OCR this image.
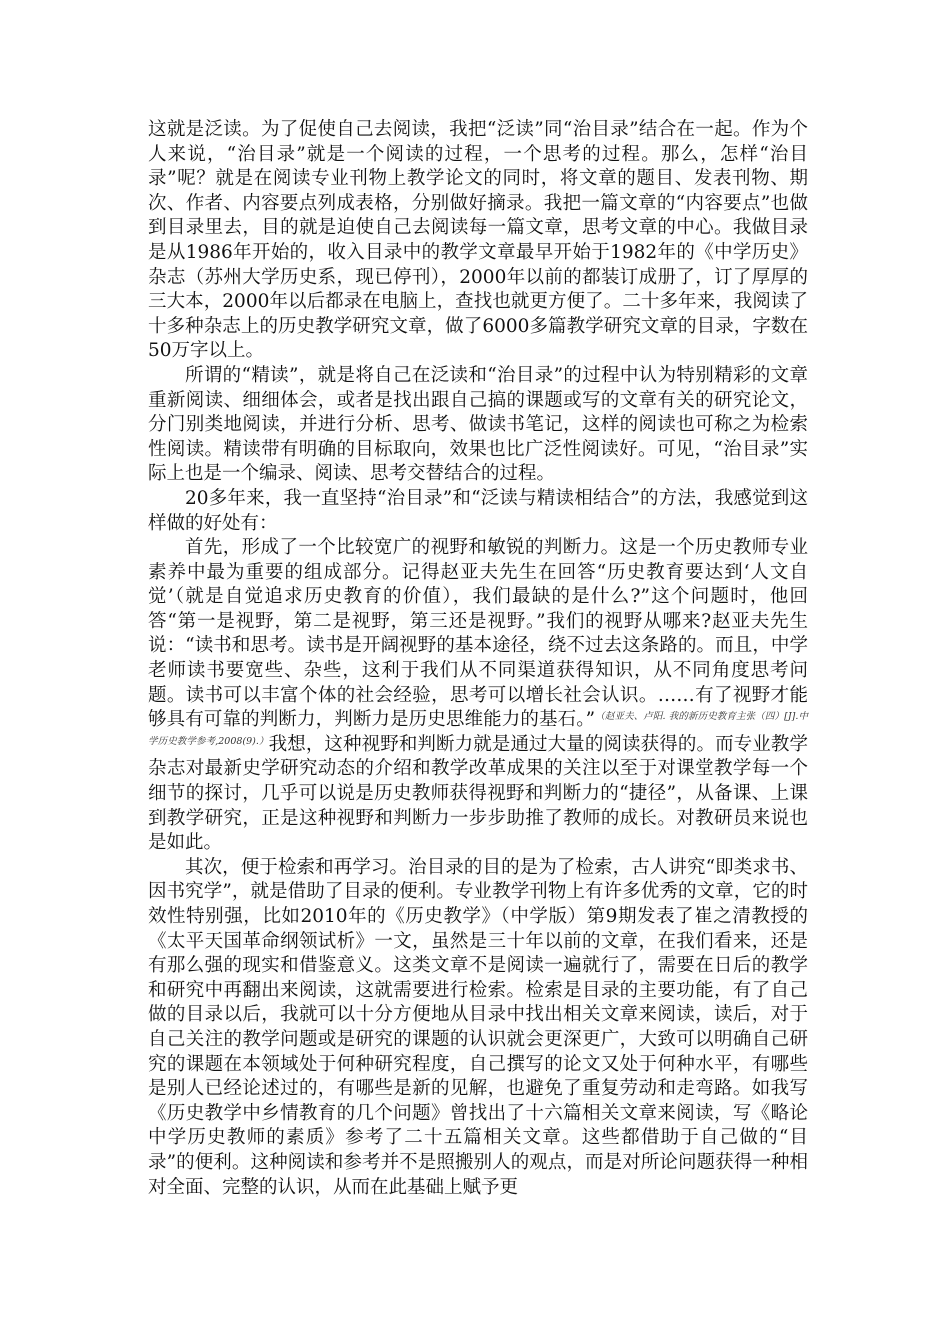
这就是泛读。为了促使自己去阅读，我把“泛读”同“治目录”结合在一起。作为个人来说，“治目录”就是一个阅读的过程，一个思考的过程。那么，怎样“治目录”呢？就是在阅读专业刊物上教学论文的同时，将文章的题目、发表刊物、期次、作者、内容要点列成表格，分别做好摘录。我把一篇文章的“内容要点”也做到目录里去，目的就是迫使自己去阅读每一篇文章，思考文章的中心。我做目录是从1986年开始的，收入目录中的教学文章最早开始于1982年的《中学历史》杂志（苏州大学历史系，现已停刊），2000年以前的都装订成册了，订了厚厚的三大本，2000年以后都录在电脑上，查找也就更方便了。二十多年来，我阅读了十多种杂志上的历史教学研究文章，做了6000多篇教学研究文章的目录，字数在50万字以上。

所谓的“精读”，就是将自己在泛读和“治目录”的过程中认为特别精彩的文章重新阅读、细细体会，或者是找出跟自己搞的课题或写的文章有关的研究论文，分门别类地阅读，并进行分析、思考、做读书笔记，这样的阅读也可称之为检索性阅读。精读带有明确的目标取向，效果也比广泛性阅读好。可见，“治目录”实际上也是一个编录、阅读、思考交替结合的过程。

20多年来，我一直坚持“治目录”和“泛读与精读相结合”的方法，我感觉到这样做的好处有：

首先，形成了一个比较宽广的视野和敏锐的判断力。这是一个历史教师专业素养中最为重要的组成部分。记得赵亚夫先生在回答“历史教育要达到‘人文自觉’（就是自觉追求历史教育的价值），我们最缺的是什么?”这个问题时，他回答“第一是视野，第二是视野，第三还是视野。”我们的视野从哪来?赵亚夫先生说：“读书和思考。读书是开阔视野的基本途径，绕不过去这条路的。而且，中学老师读书要宽些、杂些，这利于我们从不同渠道获得知识，从不同角度思考问题。读书可以丰富个体的社会经验，思考可以增长社会认识。……有了视野才能够具有可靠的判断力，判断力是历史思维能力的基石。”$^{(赵亚夫、卢阳. 我的新历史教育主张(四)[J].中学历史教学参考,2008(9).)}$我想，这种视野和判断力就是通过大量的阅读获得的。而专业教学杂志对最新史学研究动态的介绍和教学改革成果的关注以至于对课堂教学每一个细节的探讨，几乎可以说是历史教师获得视野和判断力的“捷径”，从备课、上课到教学研究，正是这种视野和判断力一步步助推了教师的成长。对教研员来说也是如此。

其次，便于检索和再学习。治目录的目的是为了检索，古人讲究“即类求书、因书究学”，就是借助了目录的便利。专业教学刊物上有许多优秀的文章，它的时效性特别强，比如2010年的《历史教学》（中学版）第9期发表了崔之清教授的《太平天国革命纲领试析》一文，虽然是三十年以前的文章，在我们看来，还是有那么强的现实和借鉴意义。这类文章不是阅读一遍就行了，需要在日后的教学和研究中再翻出来阅读，这就需要进行检索。检索是目录的主要功能，有了自己做的目录以后，我就可以十分方便地从目录中找出相关文章来阅读，读后，对于自己关注的教学问题或是研究的课题的认识就会更深更广，大致可以明确自己研究的课题在本领域处于何种研究程度，自己撰写的论文又处于何种水平，有哪些是别人已经论述过的，有哪些是新的见解，也避免了重复劳动和走弯路。如我写《历史教学中乡情教育的几个问题》曾找出了十六篇相关文章来阅读，写《略论中学历史教师的素质》参考了二十五篇相关文章。这些都借助于自己做的“目录”的便利。这种阅读和参考并不是照搬别人的观点，而是对所论问题获得一种相对全面、完整的认识，从而在此基础上赋予更
